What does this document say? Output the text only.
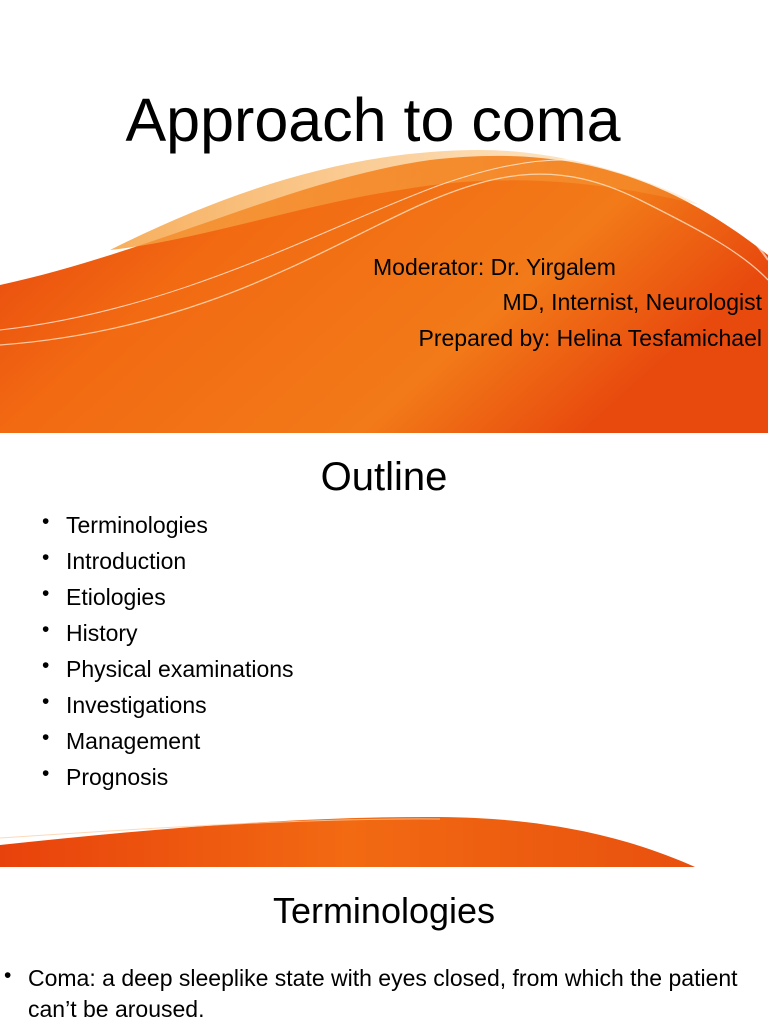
Approach to coma
Moderator: Dr. Yirgalem
MD, Internist, Neurologist
Prepared by: Helina Tesfamichael
Outline
• Terminologies
• Introduction
• Etiologies
• History
• Physical examinations
• Investigations
• Management
• Prognosis
Terminologies
• Coma: a deep sleeplike state with eyes closed, from which the patient can’t be aroused.
